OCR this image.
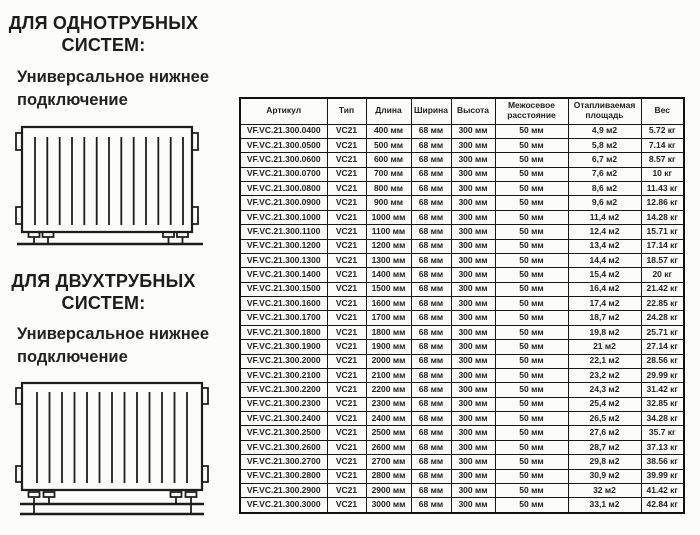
ДЛЯ ОДНОТРУБНЫХ СИСТЕМ:

Универсальное нижнее подключение

ДЛЯ ДВУХТРУБНЫХ СИСТЕМ:

Универсальное нижнее подключение

Артикул	Тип	Длина	Ширина	Высота	Межосевое расстояние	Отапливаемая площадь	Вес
VF.VC.21.300.0400	VC21	400 мм	68 мм	300 мм	50 мм	4,9 м2	5.72 кг
VF.VC.21.300.0500	VC21	500 мм	68 мм	300 мм	50 мм	5,8 м2	7.14 кг
VF.VC.21.300.0600	VC21	600 мм	68 мм	300 мм	50 мм	6,7 м2	8.57 кг
VF.VC.21.300.0700	VC21	700 мм	68 мм	300 мм	50 мм	7,6 м2	10 кг
VF.VC.21.300.0800	VC21	800 мм	68 мм	300 мм	50 мм	8,6 м2	11.43 кг
VF.VC.21.300.0900	VC21	900 мм	68 мм	300 мм	50 мм	9,6 м2	12.86 кг
VF.VC.21.300.1000	VC21	1000 мм	68 мм	300 мм	50 мм	11,4 м2	14.28 кг
VF.VC.21.300.1100	VC21	1100 мм	68 мм	300 мм	50 мм	12,4 м2	15.71 кг
VF.VC.21.300.1200	VC21	1200 мм	68 мм	300 мм	50 мм	13,4 м2	17.14 кг
VF.VC.21.300.1300	VC21	1300 мм	68 мм	300 мм	50 мм	14,4 м2	18.57 кг
VF.VC.21.300.1400	VC21	1400 мм	68 мм	300 мм	50 мм	15,4 м2	20 кг
VF.VC.21.300.1500	VC21	1500 мм	68 мм	300 мм	50 мм	16,4 м2	21.42 кг
VF.VC.21.300.1600	VC21	1600 мм	68 мм	300 мм	50 мм	17,4 м2	22.85 кг
VF.VC.21.300.1700	VC21	1700 мм	68 мм	300 мм	50 мм	18,7 м2	24.28 кг
VF.VC.21.300.1800	VC21	1800 мм	68 мм	300 мм	50 мм	19,8 м2	25.71 кг
VF.VC.21.300.1900	VC21	1900 мм	68 мм	300 мм	50 мм	21 м2	27.14 кг
VF.VC.21.300.2000	VC21	2000 мм	68 мм	300 мм	50 мм	22,1 м2	28.56 кг
VF.VC.21.300.2100	VC21	2100 мм	68 мм	300 мм	50 мм	23,2 м2	29.99 кг
VF.VC.21.300.2200	VC21	2200 мм	68 мм	300 мм	50 мм	24,3 м2	31.42 кг
VF.VC.21.300.2300	VC21	2300 мм	68 мм	300 мм	50 мм	25,4 м2	32.85 кг
VF.VC.21.300.2400	VC21	2400 мм	68 мм	300 мм	50 мм	26,5 м2	34.28 кг
VF.VC.21.300.2500	VC21	2500 мм	68 мм	300 мм	50 мм	27,6 м2	35.7 кг
VF.VC.21.300.2600	VC21	2600 мм	68 мм	300 мм	50 мм	28,7 м2	37.13 кг
VF.VC.21.300.2700	VC21	2700 мм	68 мм	300 мм	50 мм	29,8 м2	38.56 кг
VF.VC.21.300.2800	VC21	2800 мм	68 мм	300 мм	50 мм	30,9 м2	39.99 кг
VF.VC.21.300.2900	VC21	2900 мм	68 мм	300 мм	50 мм	32 м2	41.42 кг
VF.VC.21.300.3000	VC21	3000 мм	68 мм	300 мм	50 мм	33,1 м2	42.84 кг
